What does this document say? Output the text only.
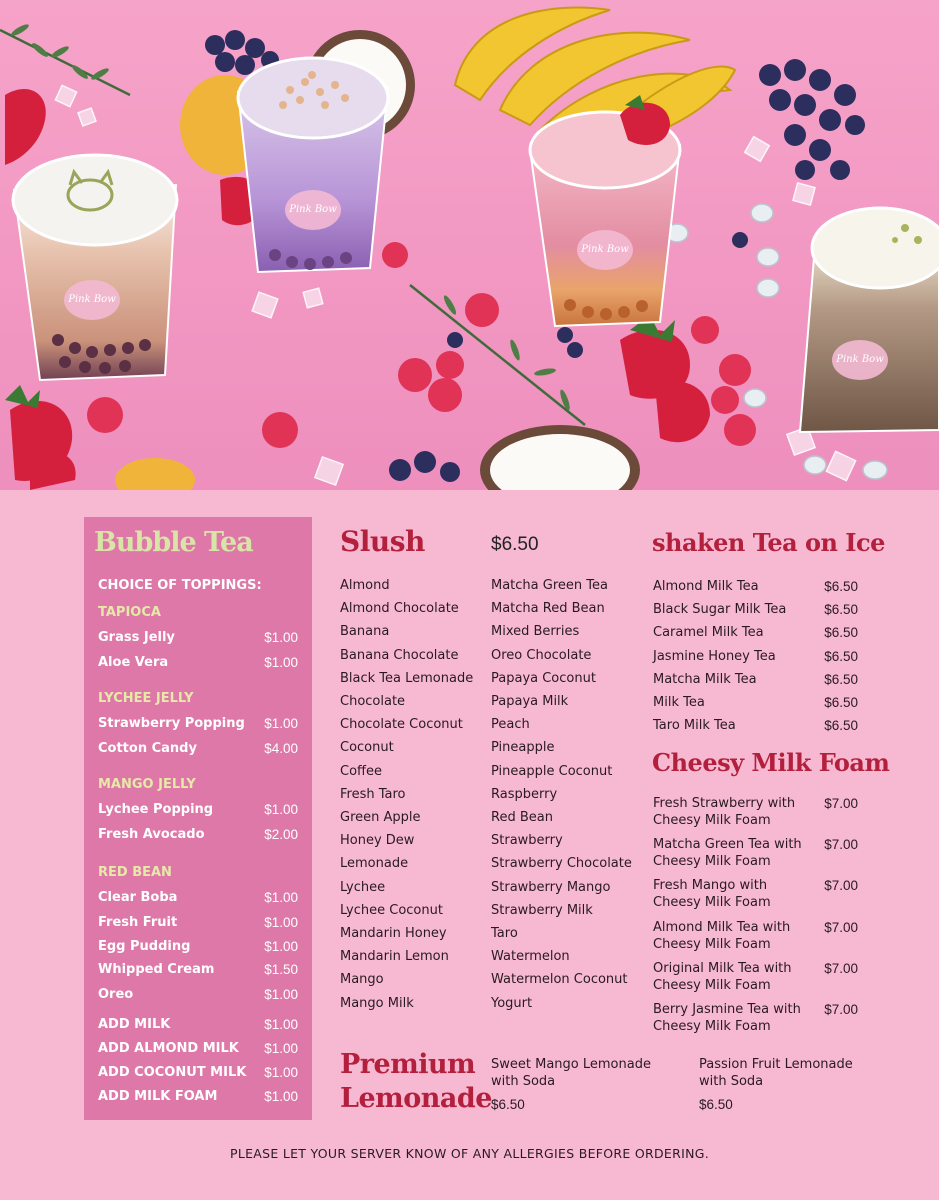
Pink Bow
Pink Bow
Pink Bow
Pink Bow
Bubble Tea
CHOICE OF TOPPINGS:
TAPIOCA
Grass Jelly	$1.00
Aloe Vera	$1.00
LYCHEE JELLY
Strawberry Popping $1.00
Cotton Candy	$4.00
MANGO JELLY
Lychee Popping	$1.00
Fresh Avocado	$2.00
RED BEAN
Clear Boba	$1.00
Fresh Fruit	$1.00
Egg Pudding	$1.00
Whipped Cream	$1.50
Oreo	$1.00
ADD MILK	$1.00
ADD ALMOND MILK $1.00
ADD COCONUT MILK $1.00
ADD MILK FOAM	$1.00
Slush	$6.50
Almond
Almond Chocolate
Banana
Banana Chocolate
Black Tea Lemonade
Chocolate
Chocolate Coconut
Coconut
Coffee
Fresh Taro
Green Apple
Honey Dew
Lemonade
Lychee
Lychee Coconut
Mandarin Honey
Mandarin Lemon
Mango
Mango Milk
Matcha Green Tea
Matcha Red Bean
Mixed Berries
Oreo Chocolate
Papaya Coconut
Papaya Milk
Peach
Pineapple
Pineapple Coconut
Raspberry
Red Bean
Strawberry
Strawberry Chocolate
Strawberry Mango
Strawberry Milk
Taro
Watermelon
Watermelon Coconut
Yogurt
shaken Tea on Ice
Almond Milk Tea	$6.50
Black Sugar Milk Tea	$6.50
Caramel Milk Tea	$6.50
Jasmine Honey Tea	$6.50
Matcha Milk Tea	$6.50
Milk Tea	$6.50
Taro Milk Tea	$6.50
Cheesy Milk Foam
Fresh Strawberry with Cheesy Milk Foam
$7.00
Matcha Green Tea with Cheesy Milk Foam
$7.00
Fresh Mango with Cheesy Milk Foam
$7.00
Almond Milk Tea with Cheesy Milk Foam
$7.00
Original Milk Tea with Cheesy Milk Foam
$7.00
Berry Jasmine Tea with Cheesy Milk Foam
$7.00
Premium
Lemonade
Sweet Mango Lemonade
with Soda
$6.50
Passion Fruit Lemonade
with Soda
$6.50
PLEASE LET YOUR SERVER KNOW OF ANY ALLERGIES BEFORE ORDERING.
